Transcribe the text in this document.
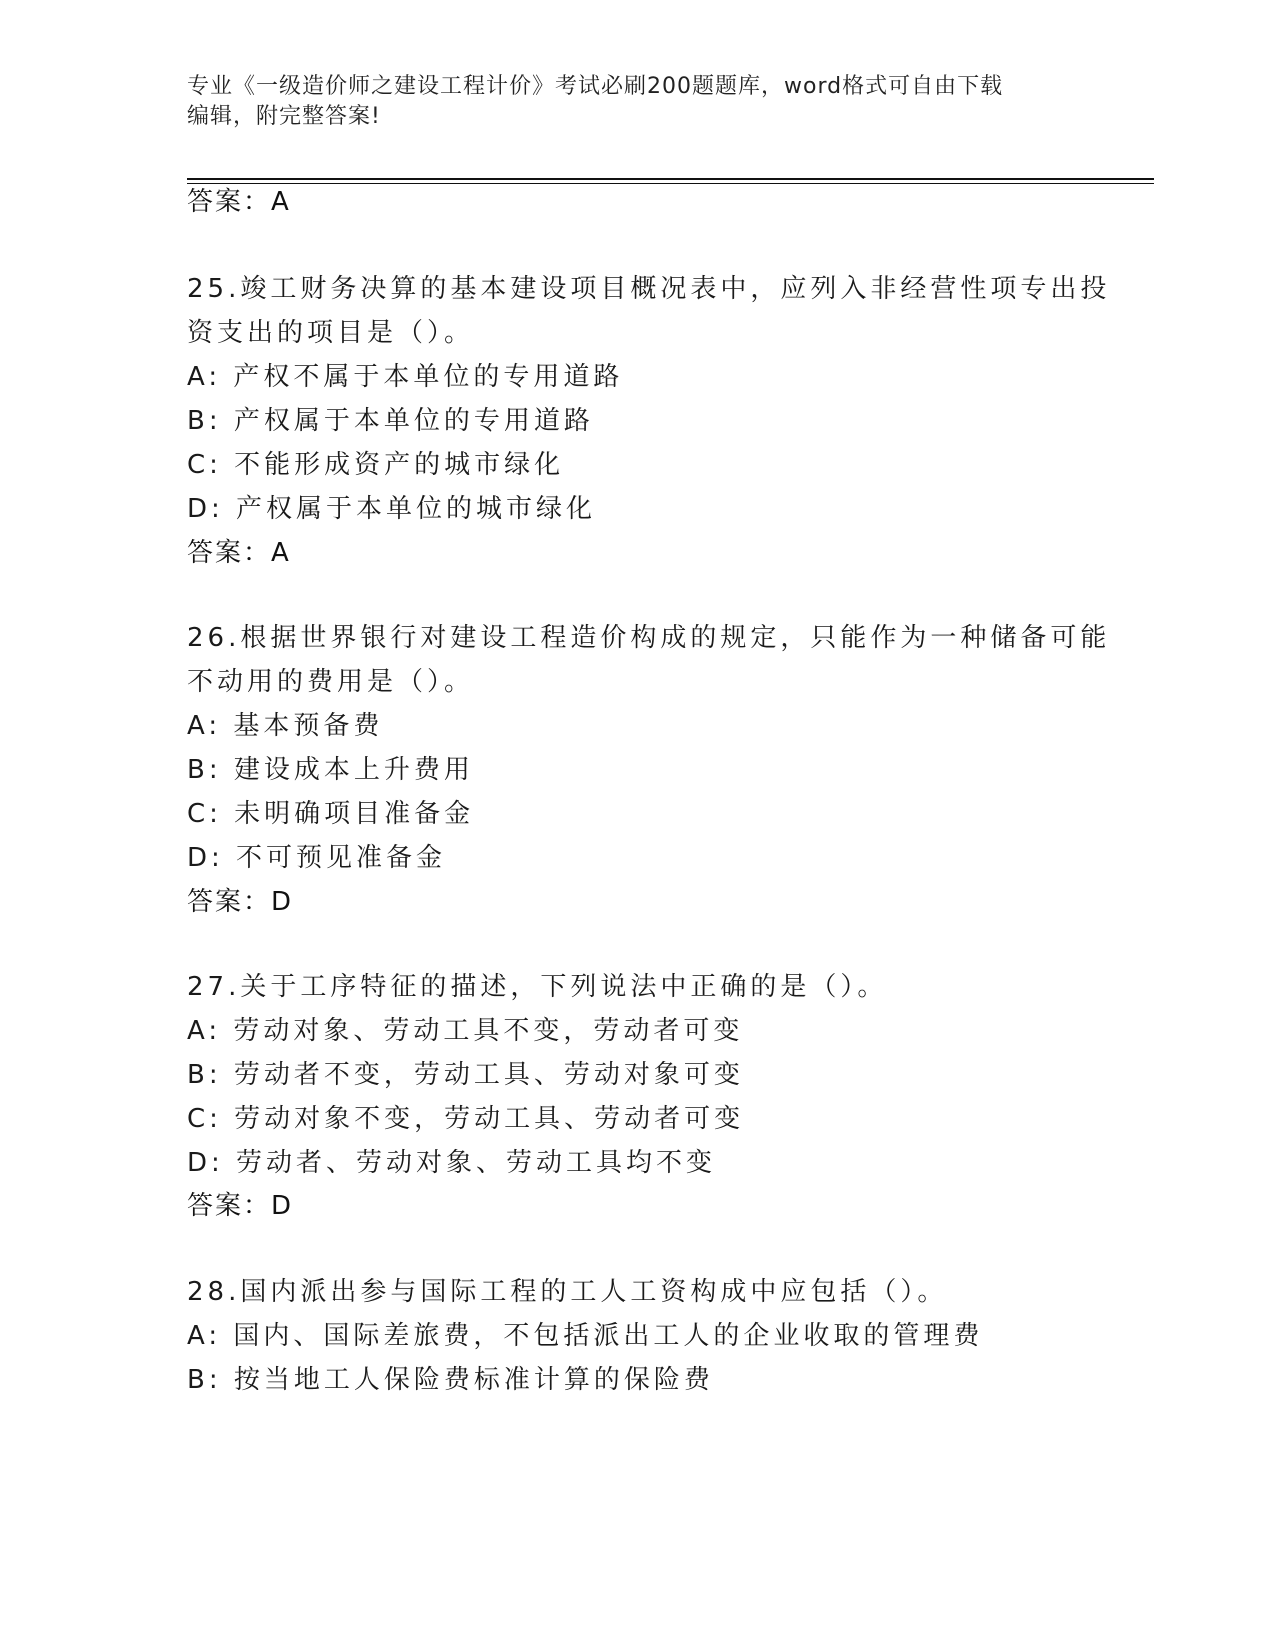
专业《一级造价师之建设工程计价》考试必刷200题题库，word格式可自由下载
编辑，附完整答案!
答案：A
25.竣工财务决算的基本建设项目概况表中，应列入非经营性项专出投
资支出的项目是（）。
A: 产权不属于本单位的专用道路
B: 产权属于本单位的专用道路
C: 不能形成资产的城市绿化
D: 产权属于本单位的城市绿化
答案：A
26.根据世界银行对建设工程造价构成的规定，只能作为一种储备可能
不动用的费用是（）。
A: 基本预备费
B: 建设成本上升费用
C: 未明确项目准备金
D: 不可预见准备金
答案：D
27.关于工序特征的描述，下列说法中正确的是（）。
A: 劳动对象、劳动工具不变，劳动者可变
B: 劳动者不变，劳动工具、劳动对象可变
C: 劳动对象不变，劳动工具、劳动者可变
D: 劳动者、劳动对象、劳动工具均不变
答案：D
28.国内派出参与国际工程的工人工资构成中应包括（）。
A: 国内、国际差旅费，不包括派出工人的企业收取的管理费
B: 按当地工人保险费标准计算的保险费
